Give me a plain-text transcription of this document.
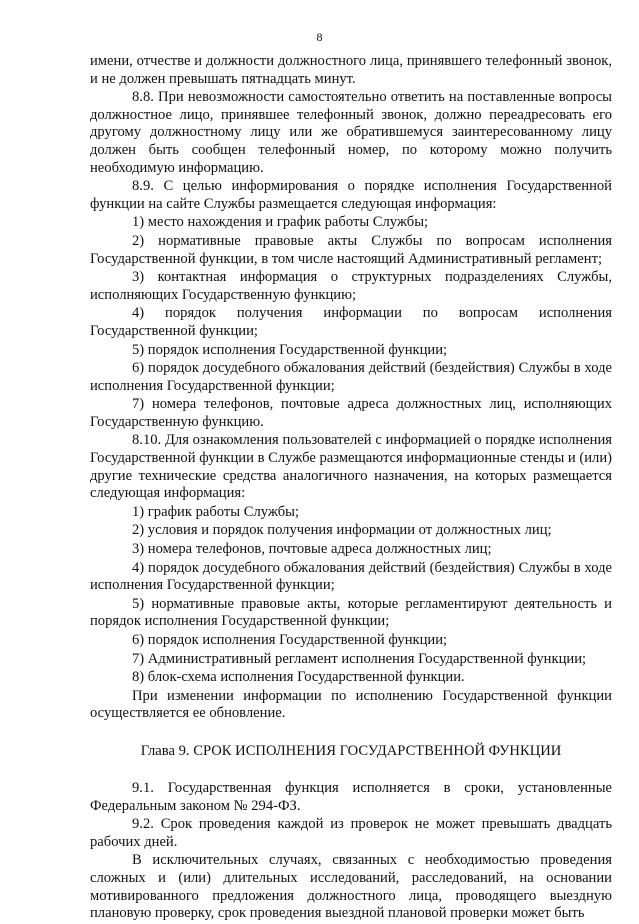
8

имени, отчестве и должности должностного лица, принявшего телефонный звонок, и не должен превышать пятнадцать минут.

8.8. При невозможности самостоятельно ответить на поставленные вопросы должностное лицо, принявшее телефонный звонок, должно переадресовать его другому должностному лицу или же обратившемуся заинтересованному лицу должен быть сообщен телефонный номер, по которому можно получить необходимую информацию.

8.9. С целью информирования о порядке исполнения Государственной функции на сайте Службы размещается следующая информация:

1) место нахождения и график работы Службы;

2) нормативные правовые акты Службы по вопросам исполнения Государственной функции, в том числе настоящий Административный регламент;

3) контактная информация о структурных подразделениях Службы, исполняющих Государственную функцию;

4) порядок получения информации по вопросам исполнения Государственной функции;

5) порядок исполнения Государственной функции;

6) порядок досудебного обжалования действий (бездействия) Службы в ходе исполнения Государственной функции;

7) номера телефонов, почтовые адреса должностных лиц, исполняющих Государственную функцию.

8.10. Для ознакомления пользователей с информацией о порядке исполнения Государственной функции в Службе размещаются информационные стенды и (или) другие технические средства аналогичного назначения, на которых размещается следующая информация:

1) график работы Службы;

2) условия и порядок получения информации от должностных лиц;

3) номера телефонов, почтовые адреса должностных лиц;

4) порядок досудебного обжалования действий (бездействия) Службы в ходе исполнения Государственной функции;

5) нормативные правовые акты, которые регламентируют деятельность и порядок исполнения Государственной функции;

6) порядок исполнения Государственной функции;

7) Административный регламент исполнения Государственной функции;

8) блок-схема исполнения Государственной функции.

При изменении информации по исполнению Государственной функции осуществляется ее обновление.

Глава 9. СРОК ИСПОЛНЕНИЯ ГОСУДАРСТВЕННОЙ ФУНКЦИИ

9.1. Государственная функция исполняется в сроки, установленные Федеральным законом № 294-ФЗ.

9.2. Срок проведения каждой из проверок не может превышать двадцать рабочих дней.

В исключительных случаях, связанных с необходимостью проведения сложных и (или) длительных исследований, расследований, на основании мотивированного предложения должностного лица, проводящего выездную плановую проверку, срок проведения выездной плановой проверки может быть
